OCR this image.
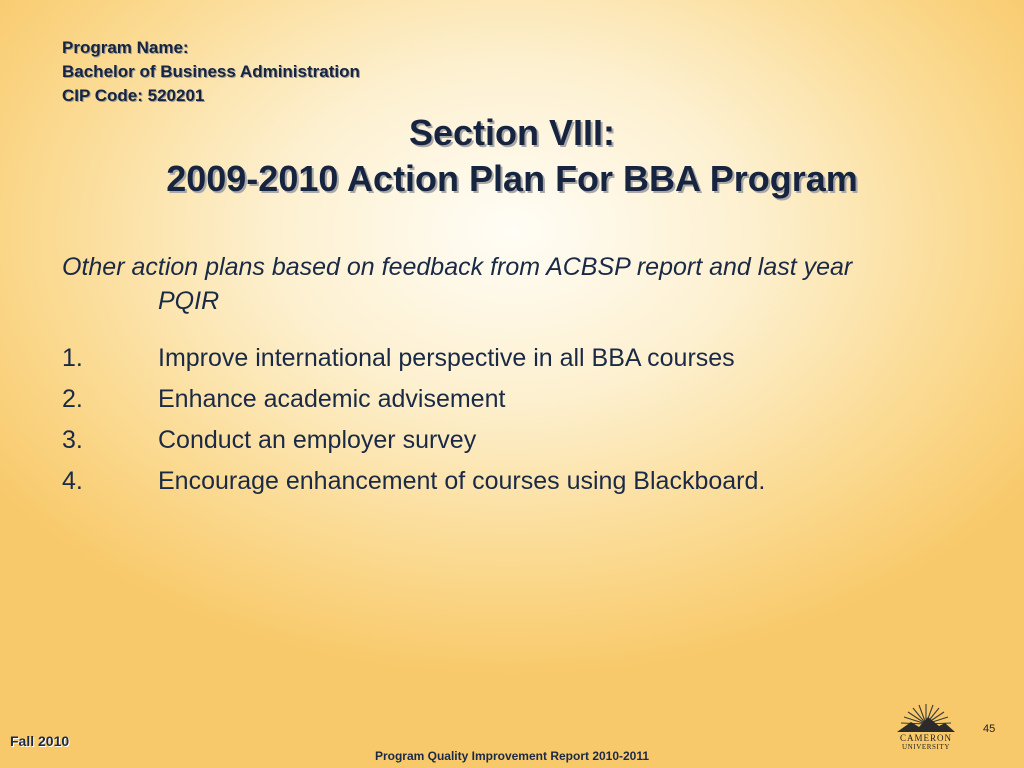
Program Name:
Bachelor of Business Administration
CIP Code: 520201
Section VIII:
2009-2010 Action Plan For BBA Program
Other action plans based on feedback from ACBSP report and last year
PQIR
1.	Improve international perspective in all BBA courses
2.	Enhance academic advisement
3.	Conduct an employer survey
4.	Encourage enhancement of courses using Blackboard.
CAMERON
UNIVERSITY
45
Fall 2010
Program Quality Improvement Report 2010-2011
